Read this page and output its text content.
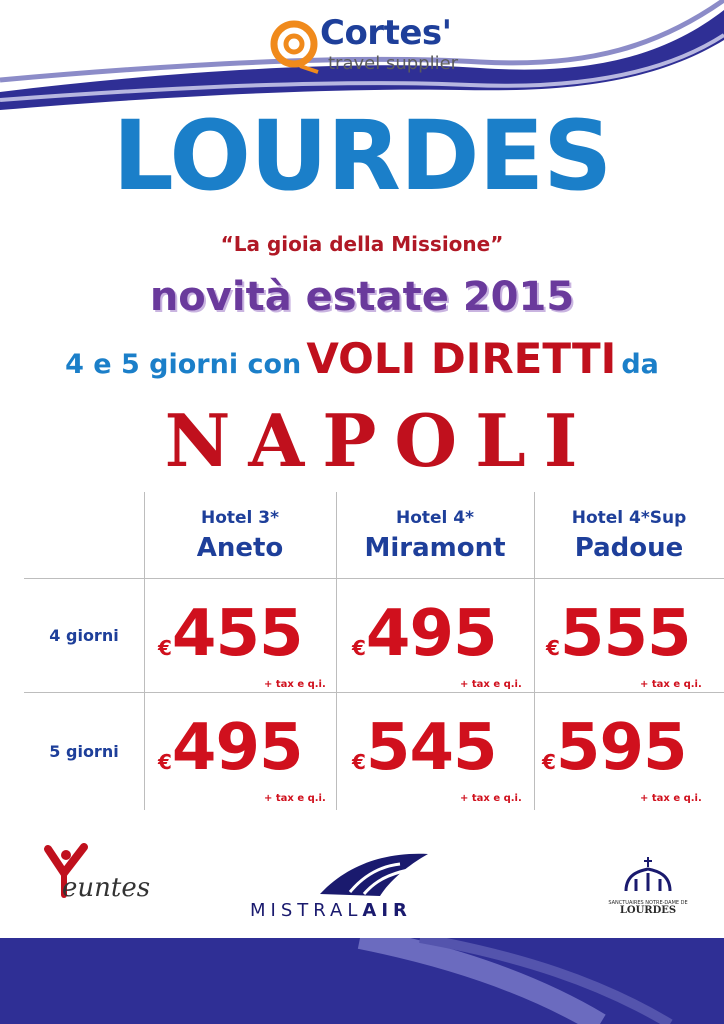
Cortes'
travel supplier
LOURDES
“La gioia della Missione”
novità estate 2015
4 e 5 giorni con VOLI DIRETTI da
NAPOLI
Hotel 3*
Aneto
Hotel 4*
Miramont
Hotel 4*Sup
Padoue
4 giorni
€455
+ tax e q.i.
€495
+ tax e q.i.
€555
+ tax e q.i.
5 giorni	€495
+ tax e q.i.
€545
+ tax e q.i.
€595
+ tax e q.i.
euntes
MISTRALAIR	SANCTUAIRES NOTRE-DAME DE
LOURDES
